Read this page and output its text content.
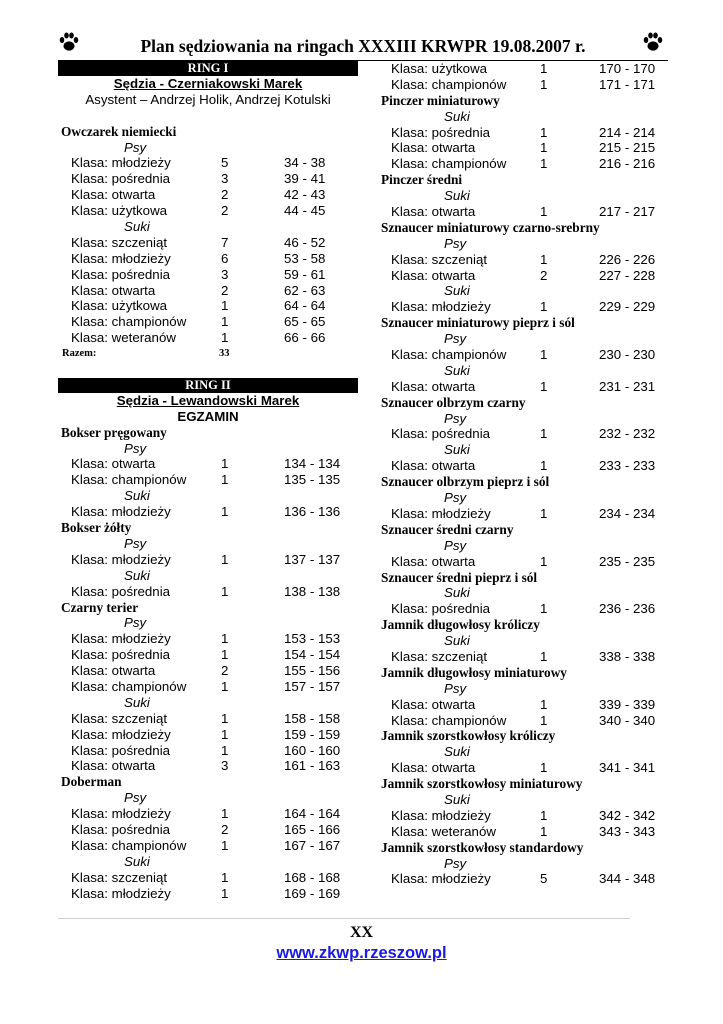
Plan sędziowania na ringach XXXIII KRWPR 19.08.2007 r.
RING I
Sędzia - Czerniakowski Marek
Asystent – Andrzej Holik, Andrzej Kotulski
Owczarek niemiecki
Psy
Klasa: młodzieży	5	34 - 38
Klasa: pośrednia	3	39 - 41
Klasa: otwarta	2	42 - 43
Klasa: użytkowa	2	44 - 45
Suki
Klasa: szczeniąt	7	46 - 52
Klasa: młodzieży	6	53 - 58
Klasa: pośrednia	3	59 - 61
Klasa: otwarta	2	62 - 63
Klasa: użytkowa	1	64 - 64
Klasa: championów	1	65 - 65
Klasa: weteranów	1	66 - 66
Razem:	33
RING II
Sędzia - Lewandowski Marek
EGZAMIN
Bokser pręgowany
Psy
Klasa: otwarta	1	134 - 134
Klasa: championów	1	135 - 135
Suki
Klasa: młodzieży	1	136 - 136
Bokser żółty
Psy
Klasa: młodzieży	1	137 - 137
Suki
Klasa: pośrednia	1	138 - 138
Czarny terier
Psy
Klasa: młodzieży	1	153 - 153
Klasa: pośrednia	1	154 - 154
Klasa: otwarta	2	155 - 156
Klasa: championów	1	157 - 157
Suki
Klasa: szczeniąt	1	158 - 158
Klasa: młodzieży	1	159 - 159
Klasa: pośrednia	1	160 - 160
Klasa: otwarta	3	161 - 163
Doberman
Psy
Klasa: młodzieży	1	164 - 164
Klasa: pośrednia	2	165 - 166
Klasa: championów	1	167 - 167
Suki
Klasa: szczeniąt	1	168 - 168
Klasa: młodzieży	1	169 - 169
Klasa: użytkowa	1	170 - 170
Klasa: championów	1	171 - 171
Pinczer miniaturowy
Suki
Klasa: pośrednia	1	214 - 214
Klasa: otwarta	1	215 - 215
Klasa: championów	1	216 - 216
Pinczer średni
Suki
Klasa: otwarta	1	217 - 217
Sznaucer miniaturowy czarno-srebrny
Psy
Klasa: szczeniąt	1	226 - 226
Klasa: otwarta	2	227 - 228
Suki
Klasa: młodzieży	1	229 - 229
Sznaucer miniaturowy pieprz i sól
Psy
Klasa: championów	1	230 - 230
Suki
Klasa: otwarta	1	231 - 231
Sznaucer olbrzym czarny
Psy
Klasa: pośrednia	1	232 - 232
Suki
Klasa: otwarta	1	233 - 233
Sznaucer olbrzym pieprz i sól
Psy
Klasa: młodzieży	1	234 - 234
Sznaucer średni czarny
Psy
Klasa: otwarta	1	235 - 235
Sznaucer średni pieprz i sól
Suki
Klasa: pośrednia	1	236 - 236
Jamnik długowłosy króliczy
Suki
Klasa: szczeniąt	1	338 - 338
Jamnik długowłosy miniaturowy
Psy
Klasa: otwarta	1	339 - 339
Klasa: championów	1	340 - 340
Jamnik szorstkowłosy króliczy
Suki
Klasa: otwarta	1	341 - 341
Jamnik szorstkowłosy miniaturowy
Suki
Klasa: młodzieży	1	342 - 342
Klasa: weteranów	1	343 - 343
Jamnik szorstkowłosy standardowy
Psy
Klasa: młodzieży	5	344 - 348
XX
www.zkwp.rzeszow.pl
